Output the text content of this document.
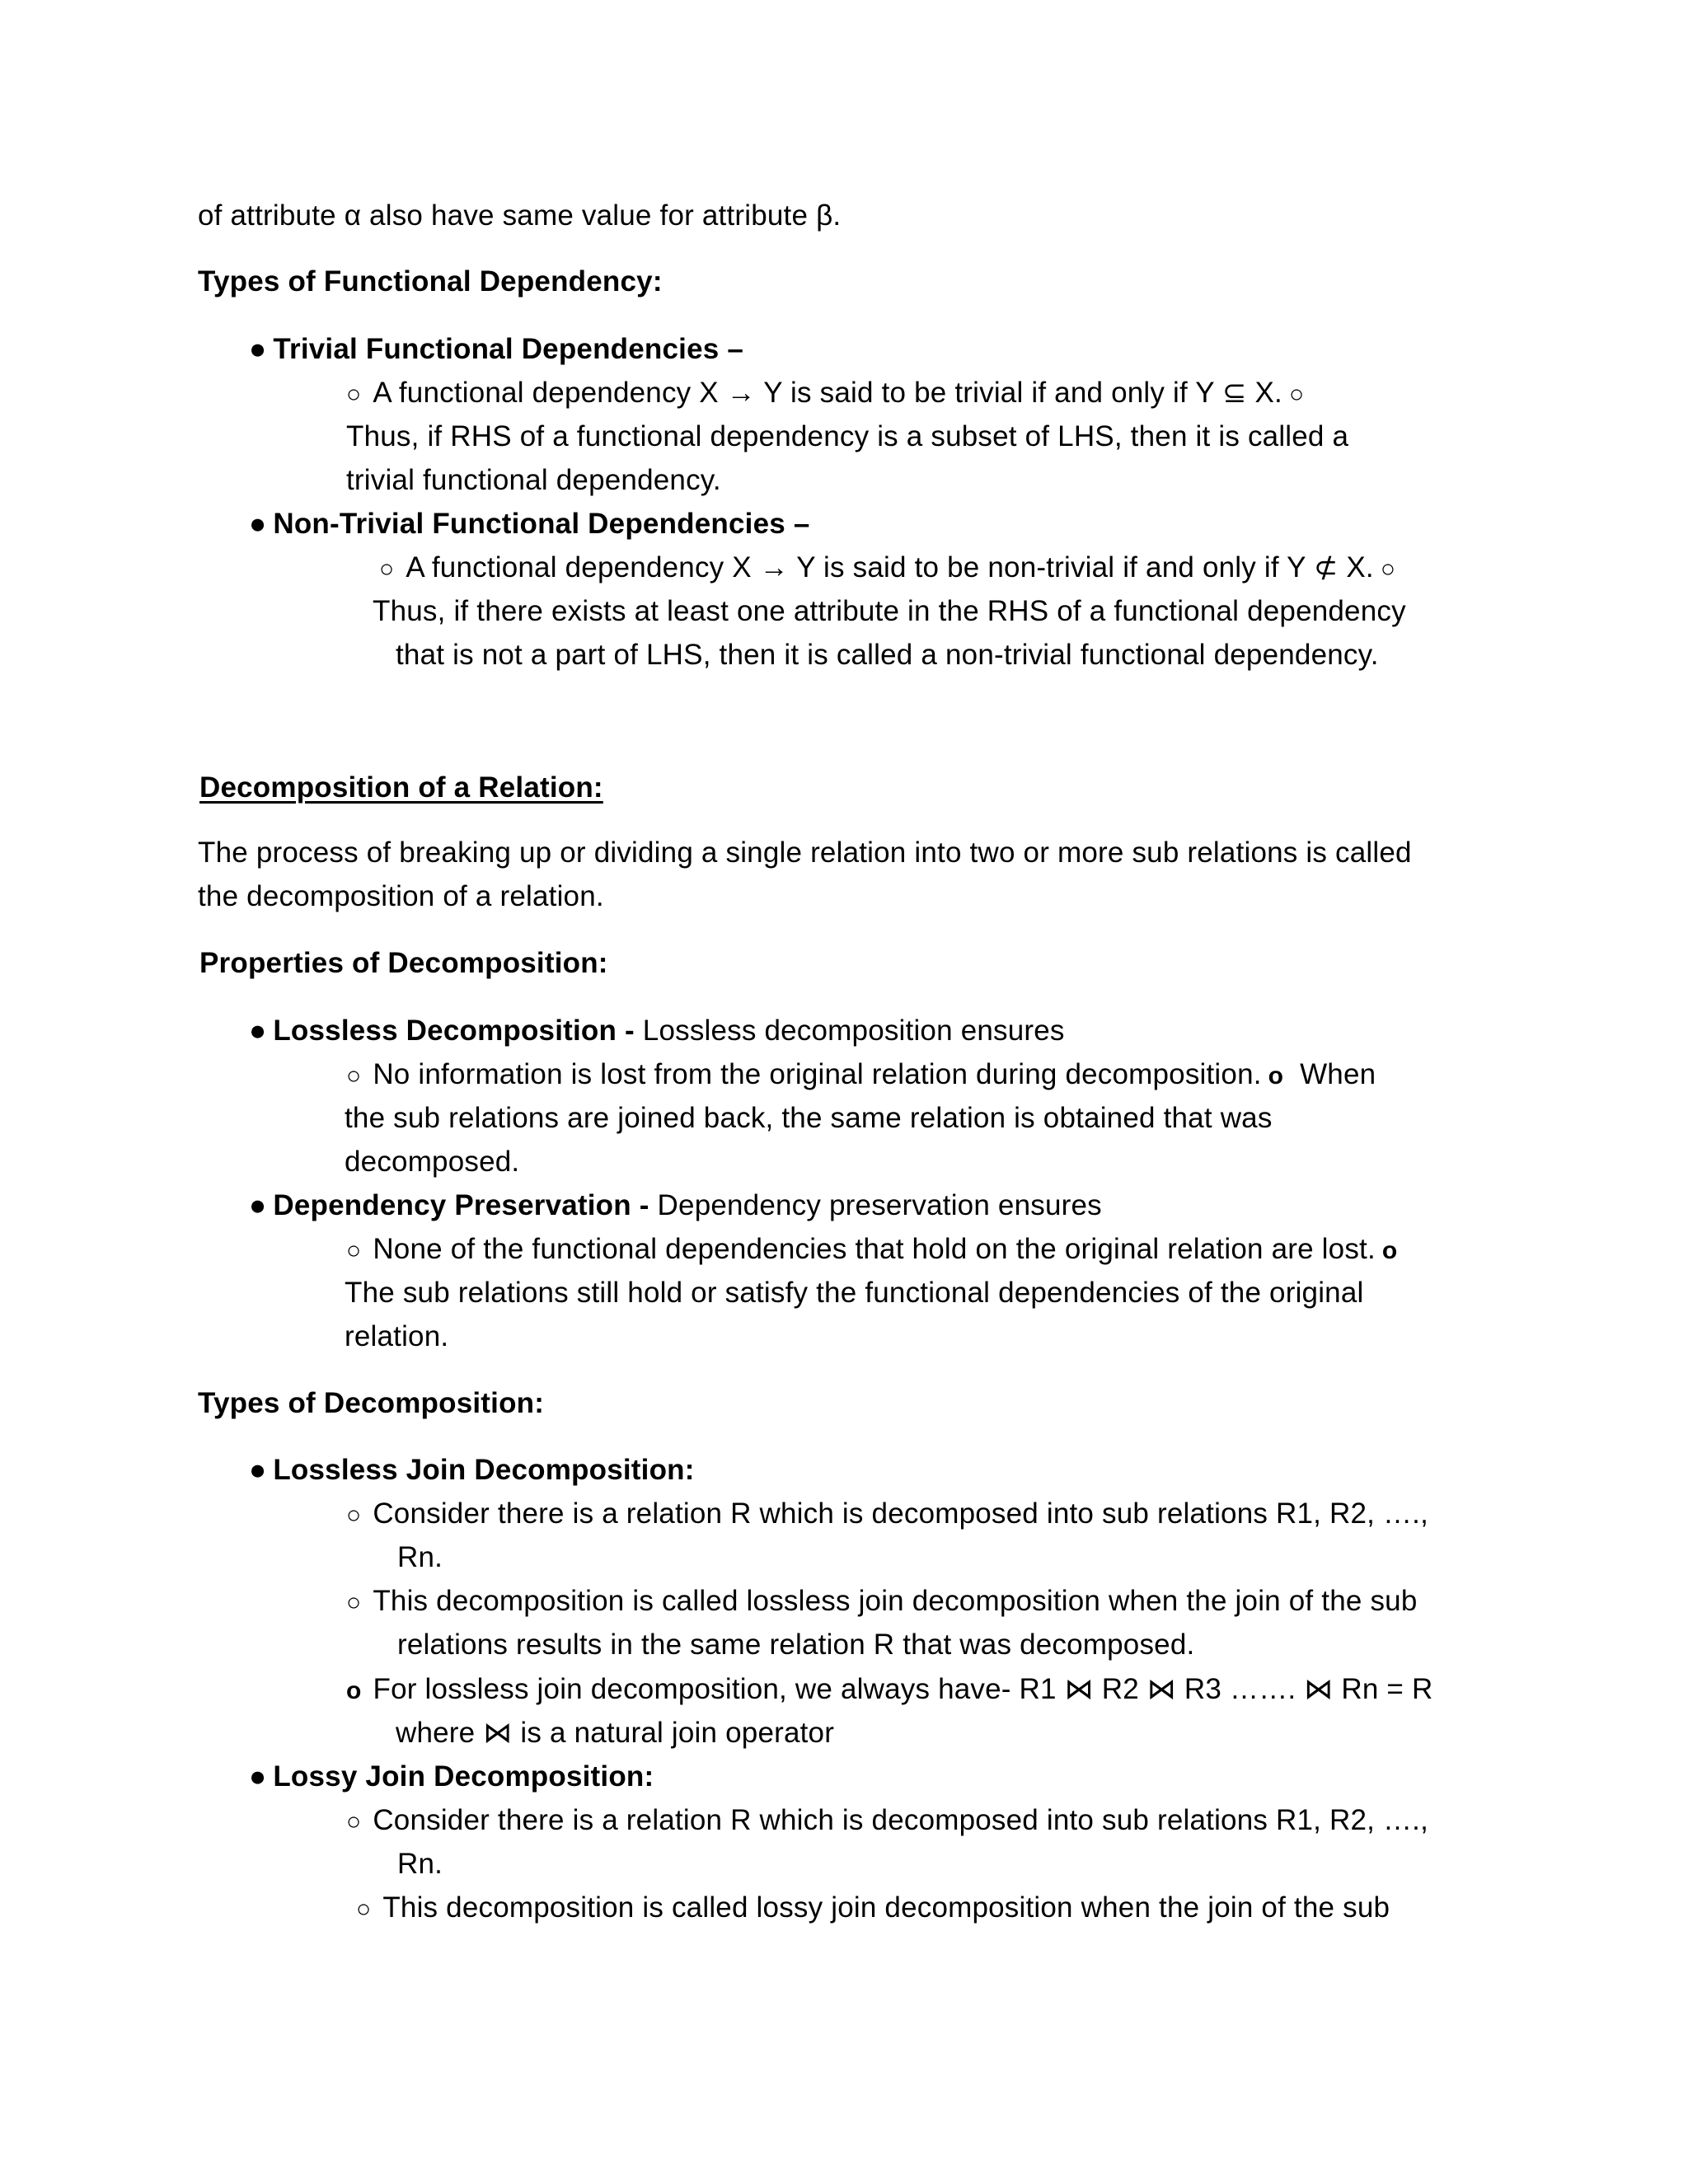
of attribute α also have same value for attribute β.
Types of Functional Dependency:
● Trivial Functional Dependencies –
○ A functional dependency X → Y is said to be trivial if and only if Y ⊆ X. ○
Thus, if RHS of a functional dependency is a subset of LHS, then it is called a
trivial functional dependency.
● Non-Trivial Functional Dependencies –
○ A functional dependency X → Y is said to be non-trivial if and only if Y ⊄ X. ○
Thus, if there exists at least one attribute in the RHS of a functional dependency
that is not a part of LHS, then it is called a non-trivial functional dependency.
Decomposition of a Relation:
The process of breaking up or dividing a single relation into two or more sub relations is called
the decomposition of a relation.
Properties of Decomposition:
● Lossless Decomposition - Lossless decomposition ensures
○ No information is lost from the original relation during decomposition. o When
the sub relations are joined back, the same relation is obtained that was
decomposed.
● Dependency Preservation - Dependency preservation ensures
○ None of the functional dependencies that hold on the original relation are lost. o
The sub relations still hold or satisfy the functional dependencies of the original
relation.
Types of Decomposition:
● Lossless Join Decomposition:
○ Consider there is a relation R which is decomposed into sub relations R1, R2, ….,
Rn.
○ This decomposition is called lossless join decomposition when the join of the sub
relations results in the same relation R that was decomposed.
o For lossless join decomposition, we always have- R1 ⋈ R2 ⋈ R3 ……. ⋈ Rn = R
where ⋈ is a natural join operator
● Lossy Join Decomposition:
○ Consider there is a relation R which is decomposed into sub relations R1, R2, ….,
Rn.
○ This decomposition is called lossy join decomposition when the join of the sub
